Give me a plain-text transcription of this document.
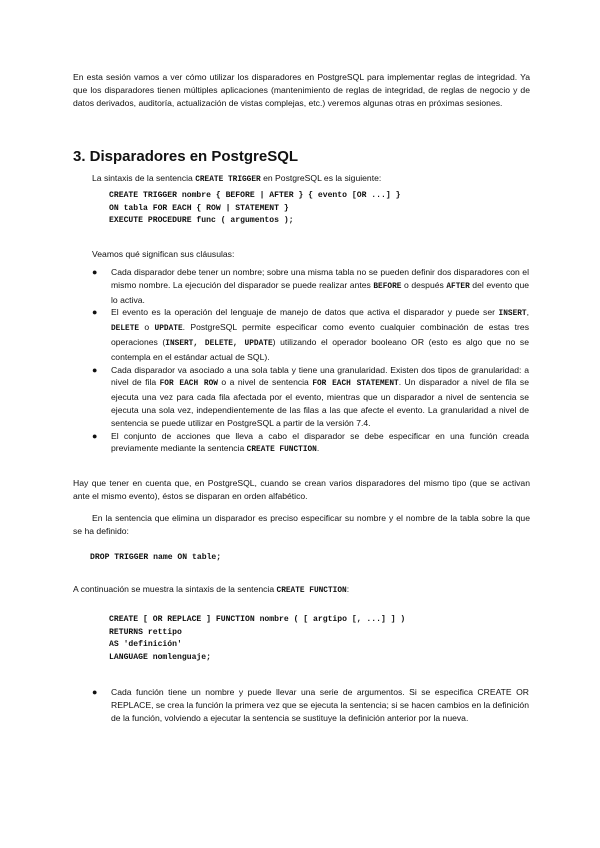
En esta sesión vamos a ver cómo utilizar los disparadores en PostgreSQL para implementar reglas de integridad. Ya que los disparadores tienen múltiples aplicaciones (mantenimiento de reglas de integridad, de reglas de negocio y de datos derivados, auditoría, actualización de vistas complejas, etc.) veremos algunas otras en próximas sesiones.

3. Disparadores en PostgreSQL

La sintaxis de la sentencia CREATE TRIGGER en PostgreSQL es la siguiente:

CREATE TRIGGER nombre { BEFORE | AFTER } { evento [OR ...] }
ON tabla FOR EACH { ROW | STATEMENT }
EXECUTE PROCEDURE func ( argumentos );

Veamos qué significan sus cláusulas:

● Cada disparador debe tener un nombre; sobre una misma tabla no se pueden definir dos disparadores con el mismo nombre. La ejecución del disparador se puede realizar antes BEFORE o después AFTER del evento que lo activa.
● El evento es la operación del lenguaje de manejo de datos que activa el disparador y puede ser INSERT, DELETE o UPDATE. PostgreSQL permite especificar como evento cualquier combinación de estas tres operaciones (INSERT, DELETE, UPDATE) utilizando el operador booleano OR (esto es algo que no se contempla en el estándar actual de SQL).
● Cada disparador va asociado a una sola tabla y tiene una granularidad. Existen dos tipos de granularidad: a nivel de fila FOR EACH ROW o a nivel de sentencia FOR EACH STATEMENT. Un disparador a nivel de fila se ejecuta una vez para cada fila afectada por el evento, mientras que un disparador a nivel de sentencia se ejecuta una sola vez, independientemente de las filas a las que afecte el evento. La granularidad a nivel de sentencia se puede utilizar en PostgreSQL a partir de la versión 7.4.
● El conjunto de acciones que lleva a cabo el disparador se debe especificar en una función creada previamente mediante la sentencia CREATE FUNCTION.

Hay que tener en cuenta que, en PostgreSQL, cuando se crean varios disparadores del mismo tipo (que se activan ante el mismo evento), éstos se disparan en orden alfabético.

En la sentencia que elimina un disparador es preciso especificar su nombre y el nombre de la tabla sobre la que se ha definido:

DROP TRIGGER name ON table;

A continuación se muestra la sintaxis de la sentencia CREATE FUNCTION:

CREATE [ OR REPLACE ] FUNCTION nombre ( [ argtipo [, ...] ] )
RETURNS rettipo
AS 'definición'
LANGUAGE nomlenguaje;
● Cada función tiene un nombre y puede llevar una serie de argumentos. Si se especifica CREATE OR REPLACE, se crea la función la primera vez que se ejecuta la sentencia; si se hacen cambios en la definición de la función, volviendo a ejecutar la sentencia se sustituye la definición anterior por la nueva.
